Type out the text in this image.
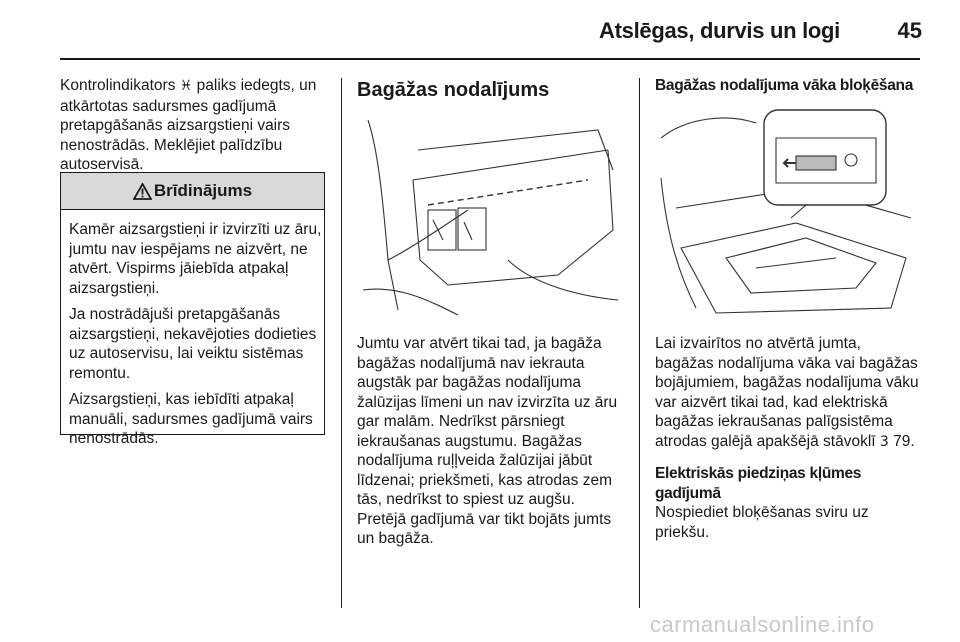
Atslēgas, durvis un logi	45
Kontrolindikators ♓ paliks iedegts, un atkārtotas sadursmes gadījumā pretapgāšanās aizsargstieņi vairs nenostrādās. Meklējiet palīdzību autoservisā.
Brīdinājums
Kamēr aizsargstieņi ir izvirzīti uz āru, jumtu nav iespējams ne aizvērt, ne atvērt. Vispirms jāiebīda atpakaļ aizsargstieņi.
Ja nostrādājuši pretapgāšanās aizsargstieņi, nekavējoties dodieties uz autoservisu, lai veiktu sistēmas remontu.
Aizsargstieņi, kas iebīdīti atpakaļ manuāli, sadursmes gadījumā vairs nenostrādās.
Bagāžas nodalījums
Jumtu var atvērt tikai tad, ja bagāža bagāžas nodalījumā nav iekrauta augstāk par bagāžas nodalījuma žalūzijas līmeni un nav izvirzīta uz āru gar malām. Nedrīkst pārsniegt iekraušanas augstumu. Bagāžas nodalījuma ruļļveida žalūzijai jābūt līdzenai; priekšmeti, kas atrodas zem tās, nedrīkst to spiest uz augšu. Pretējā gadījumā var tikt bojāts jumts un bagāža.
Bagāžas nodalījuma vāka bloķēšana
Lai izvairītos no atvērtā jumta, bagāžas nodalījuma vāka vai bagāžas bojājumiem, bagāžas nodalījuma vāku var aizvērt tikai tad, kad elektriskā bagāžas iekraušanas palīgsistēma atrodas galējā apakšējā stāvoklī 3 79.
Elektriskās piedziņas kļūmes gadījumā
Nospiediet bloķēšanas sviru uz priekšu.
carmanualsonline.info
